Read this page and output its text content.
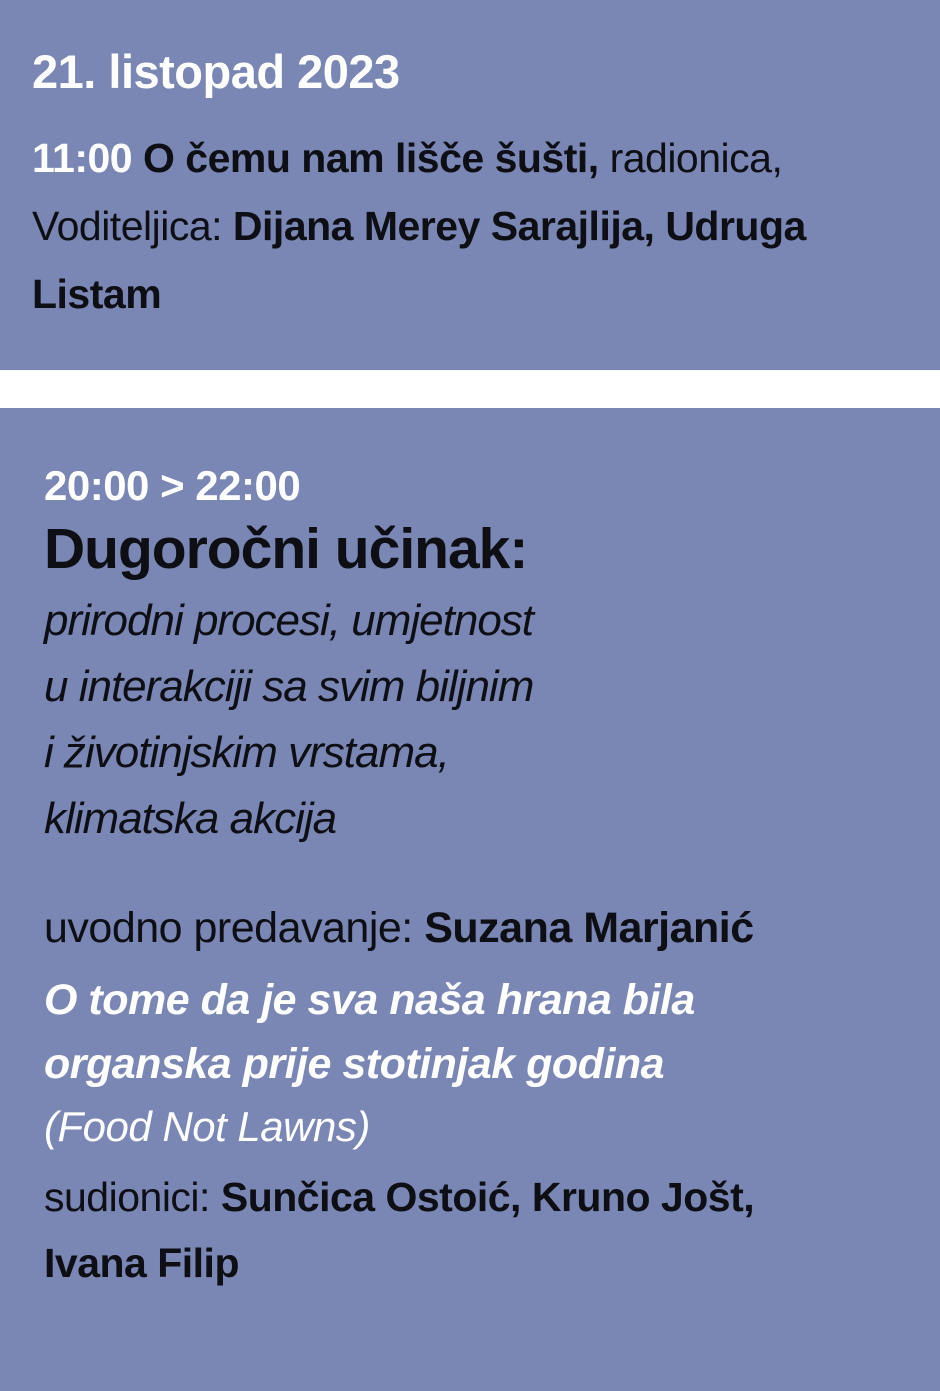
21. listopad 2023

11:00 O čemu nam lišče šušti, radionica,

Voditeljica: Dijana Merey Sarajlija, Udruga

Listam

20:00 > 22:00

Dugoročni učinak:

prirodni procesi, umjetnost

u interakciji sa svim biljnim

i životinjskim vrstama,

klimatska akcija

uvodno predavanje: Suzana Marjanić

O tome da je sva naša hrana bila

organska prije stotinjak godina

(Food Not Lawns)

sudionici: Sunčica Ostoić, Kruno Jošt,

Ivana Filip
